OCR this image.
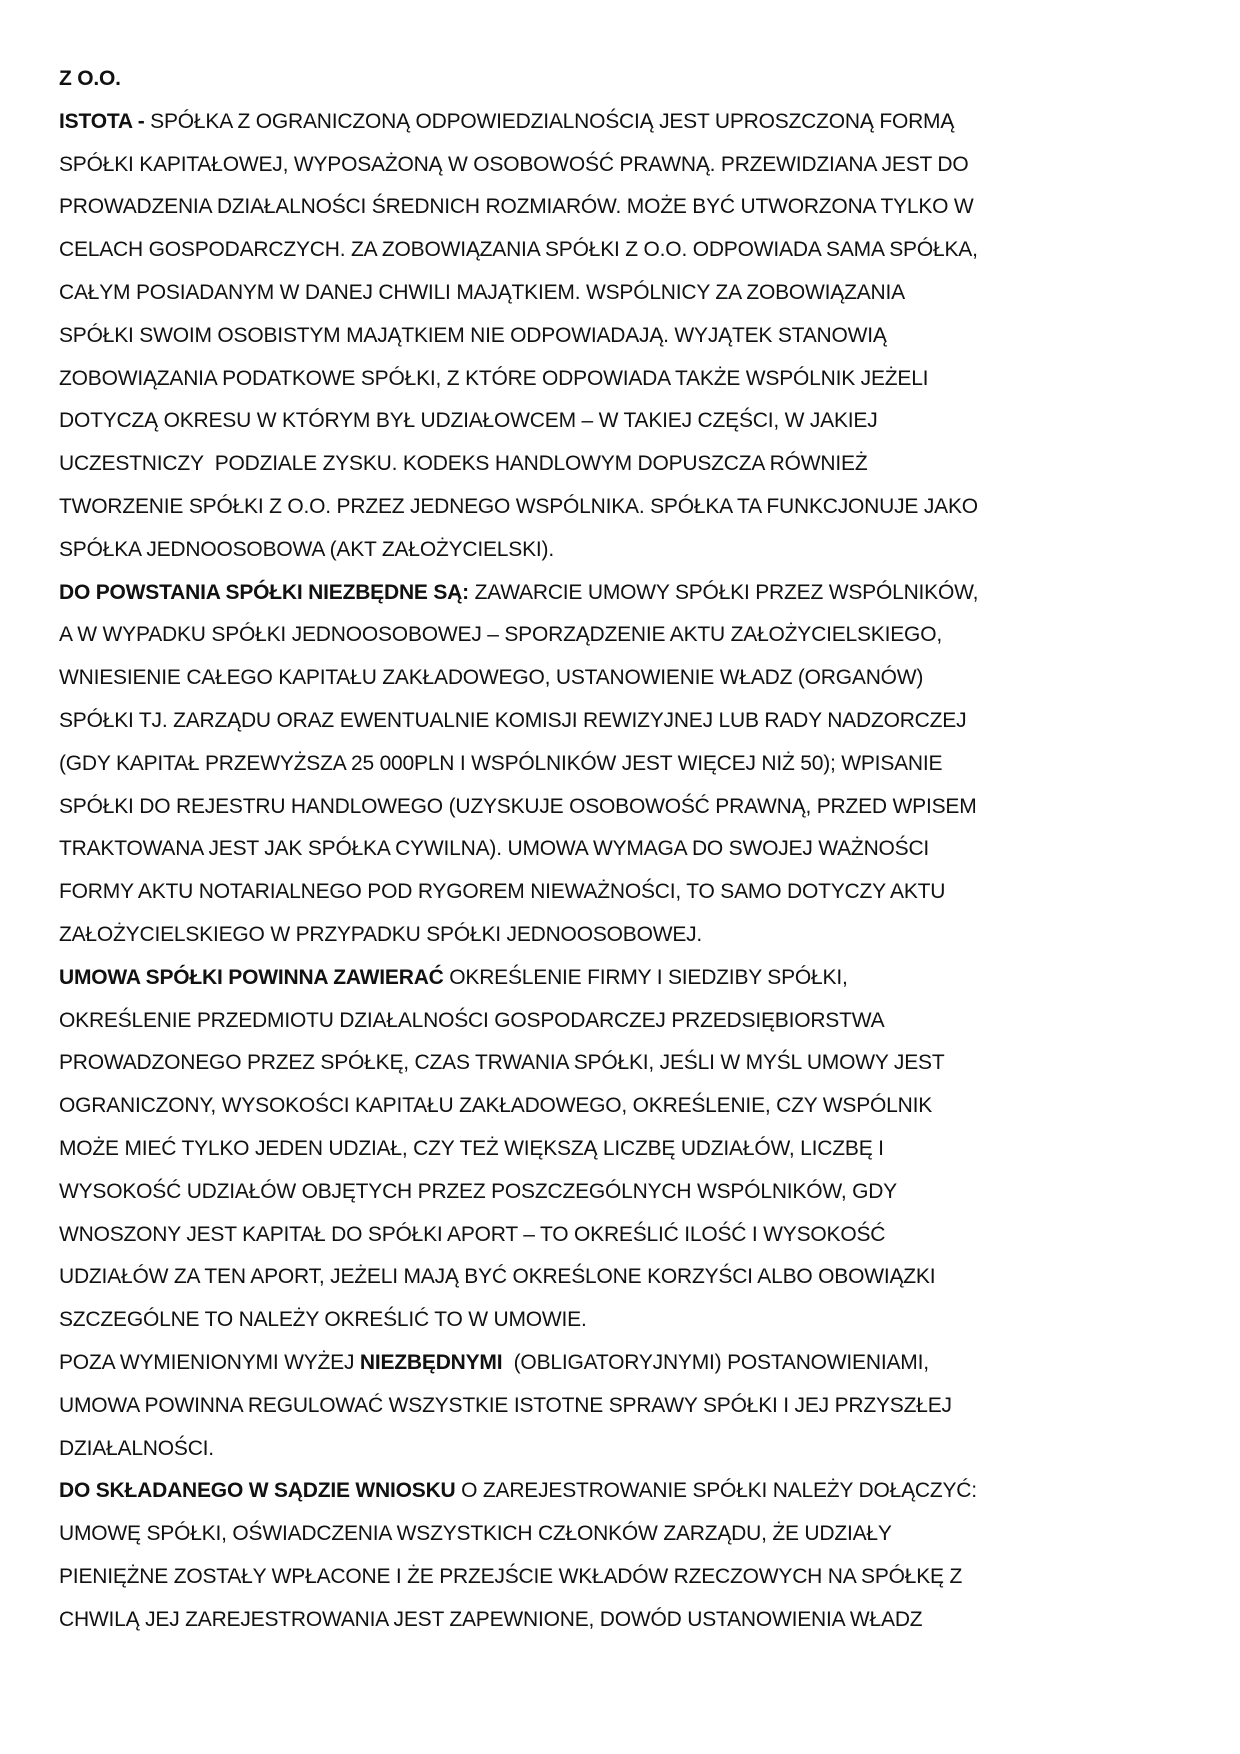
Z O.O.
ISTOTA - SPÓŁKA Z OGRANICZONĄ ODPOWIEDZIALNOŚCIĄ JEST UPROSZCZONĄ FORMĄ
SPÓŁKI KAPITAŁOWEJ, WYPOSAŻONĄ W OSOBOWOŚĆ PRAWNĄ. PRZEWIDZIANA JEST DO
PROWADZENIA DZIAŁALNOŚCI ŚREDNICH ROZMIARÓW. MOŻE BYĆ UTWORZONA TYLKO W
CELACH GOSPODARCZYCH. ZA ZOBOWIĄZANIA SPÓŁKI Z O.O. ODPOWIADA SAMA SPÓŁKA,
CAŁYM POSIADANYM W DANEJ CHWILI MAJĄTKIEM. WSPÓLNICY ZA ZOBOWIĄZANIA
SPÓŁKI SWOIM OSOBISTYM MAJĄTKIEM NIE ODPOWIADAJĄ. WYJĄTEK STANOWIĄ
ZOBOWIĄZANIA PODATKOWE SPÓŁKI, Z KTÓRE ODPOWIADA TAKŻE WSPÓLNIK JEŻELI
DOTYCZĄ OKRESU W KTÓRYM BYŁ UDZIAŁOWCEM – W TAKIEJ CZĘŚCI, W JAKIEJ
UCZESTNICZY  PODZIALE ZYSKU. KODEKS HANDLOWYM DOPUSZCZA RÓWNIEŻ
TWORZENIE SPÓŁKI Z O.O. PRZEZ JEDNEGO WSPÓLNIKA. SPÓŁKA TA FUNKCJONUJE JAKO
SPÓŁKA JEDNOOSOBOWA (AKT ZAŁOŻYCIELSKI).
DO POWSTANIA SPÓŁKI NIEZBĘDNE SĄ: ZAWARCIE UMOWY SPÓŁKI PRZEZ WSPÓLNIKÓW,
A W WYPADKU SPÓŁKI JEDNOOSOBOWEJ – SPORZĄDZENIE AKTU ZAŁOŻYCIELSKIEGO,
WNIESIENIE CAŁEGO KAPITAŁU ZAKŁADOWEGO, USTANOWIENIE WŁADZ (ORGANÓW)
SPÓŁKI TJ. ZARZĄDU ORAZ EWENTUALNIE KOMISJI REWIZYJNEJ LUB RADY NADZORCZEJ
(GDY KAPITAŁ PRZEWYŻSZA 25 000PLN I WSPÓLNIKÓW JEST WIĘCEJ NIŻ 50); WPISANIE
SPÓŁKI DO REJESTRU HANDLOWEGO (UZYSKUJE OSOBOWOŚĆ PRAWNĄ, PRZED WPISEM
TRAKTOWANA JEST JAK SPÓŁKA CYWILNA). UMOWA WYMAGA DO SWOJEJ WAŻNOŚCI
FORMY AKTU NOTARIALNEGO POD RYGOREM NIEWAŻNOŚCI, TO SAMO DOTYCZY AKTU
ZAŁOŻYCIELSKIEGO W PRZYPADKU SPÓŁKI JEDNOOSOBOWEJ.
UMOWA SPÓŁKI POWINNA ZAWIERAĆ OKREŚLENIE FIRMY I SIEDZIBY SPÓŁKI,
OKREŚLENIE PRZEDMIOTU DZIAŁALNOŚCI GOSPODARCZEJ PRZEDSIĘBIORSTWA
PROWADZONEGO PRZEZ SPÓŁKĘ, CZAS TRWANIA SPÓŁKI, JEŚLI W MYŚL UMOWY JEST
OGRANICZONY, WYSOKOŚCI KAPITAŁU ZAKŁADOWEGO, OKREŚLENIE, CZY WSPÓLNIK
MOŻE MIEĆ TYLKO JEDEN UDZIAŁ, CZY TEŻ WIĘKSZĄ LICZBĘ UDZIAŁÓW, LICZBĘ I
WYSOKOŚĆ UDZIAŁÓW OBJĘTYCH PRZEZ POSZCZEGÓLNYCH WSPÓLNIKÓW, GDY
WNOSZONY JEST KAPITAŁ DO SPÓŁKI APORT – TO OKREŚLIĆ ILOŚĆ I WYSOKOŚĆ
UDZIAŁÓW ZA TEN APORT, JEŻELI MAJĄ BYĆ OKREŚLONE KORZYŚCI ALBO OBOWIĄZKI
SZCZEGÓLNE TO NALEŻY OKREŚLIĆ TO W UMOWIE.
POZA WYMIENIONYMI WYŻEJ NIEZBĘDNYMI  (OBLIGATORYJNYMI) POSTANOWIENIAMI,
UMOWA POWINNA REGULOWAĆ WSZYSTKIE ISTOTNE SPRAWY SPÓŁKI I JEJ PRZYSZŁEJ
DZIAŁALNOŚCI.
DO SKŁADANEGO W SĄDZIE WNIOSKU O ZAREJESTROWANIE SPÓŁKI NALEŻY DOŁĄCZYĆ:
UMOWĘ SPÓŁKI, OŚWIADCZENIA WSZYSTKICH CZŁONKÓW ZARZĄDU, ŻE UDZIAŁY
PIENIĘŻNE ZOSTAŁY WPŁACONE I ŻE PRZEJŚCIE WKŁADÓW RZECZOWYCH NA SPÓŁKĘ Z
CHWILĄ JEJ ZAREJESTROWANIA JEST ZAPEWNIONE, DOWÓD USTANOWIENIA WŁADZ
